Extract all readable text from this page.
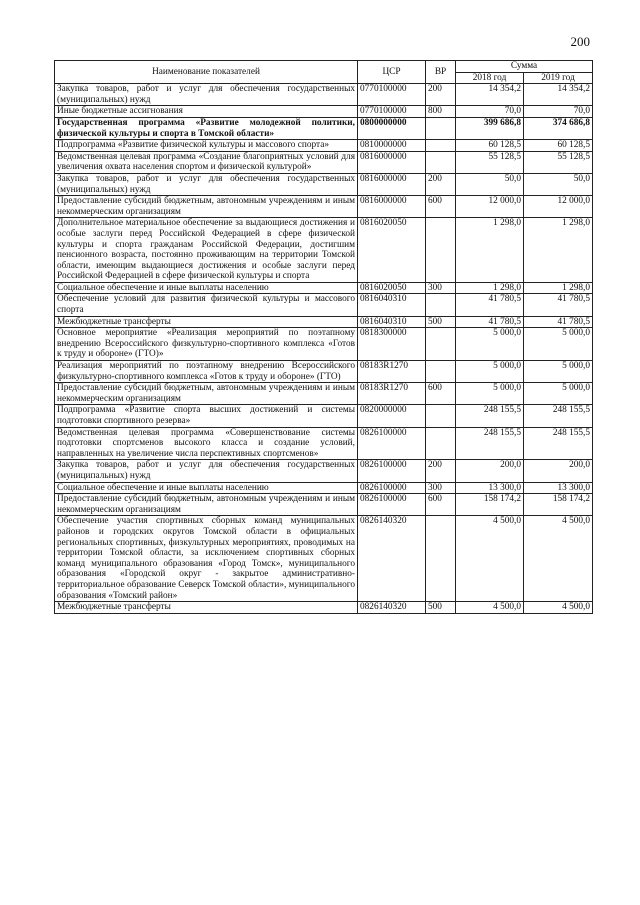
200
Наименование показателей	ЦСР	ВР	Сумма	
			2018 год	2019 год
Закупка товаров, работ и услуг для обеспечения государственных (муниципальных) нужд	0770100000	200	14 354,2	14 354,2
Иные бюджетные ассигнования	0770100000	800	70,0	70,0
Государственная программа «Развитие молодежной политики, физической культуры и спорта в Томской области»	0800000000		399 686,8	374 686,8
Подпрограмма «Развитие физической культуры и массового спорта»	0810000000		60 128,5	60 128,5
Ведомственная целевая программа «Создание благоприятных условий для увеличения охвата населения спортом и физической культурой»	0816000000		55 128,5	55 128,5
Закупка товаров, работ и услуг для обеспечения государственных (муниципальных) нужд	0816000000	200	50,0	50,0
Предоставление субсидий бюджетным, автономным учреждениям и иным некоммерческим организациям	0816000000	600	12 000,0	12 000,0
Дополнительное материальное обеспечение за выдающиеся достижения и особые заслуги перед Российской Федерацией в сфере физической культуры и спорта гражданам Российской Федерации, достигшим пенсионного возраста, постоянно проживающим на территории Томской области, имеющим выдающиеся достижения и особые заслуги перед Российской Федерацией в сфере физической культуры и спорта	0816020050		1 298,0	1 298,0
Социальное обеспечение и иные выплаты населению	0816020050	300	1 298,0	1 298,0
Обеспечение условий для развития физической культуры и массового спорта	0816040310		41 780,5	41 780,5
Межбюджетные трансферты	0816040310	500	41 780,5	41 780,5
Основное мероприятие «Реализация мероприятий по поэтапному внедрению Всероссийского физкультурно-спортивного комплекса «Готов к труду и обороне» (ГТО)»	0818300000		5 000,0	5 000,0
Реализация мероприятий по поэтапному внедрению Всероссийского физкультурно-спортивного комплекса «Готов к труду и обороне» (ГТО)	08183R1270		5 000,0	5 000,0
Предоставление субсидий бюджетным, автономным учреждениям и иным некоммерческим организациям	08183R1270	600	5 000,0	5 000,0
Подпрограмма «Развитие спорта высших достижений и системы подготовки спортивного резерва»	0820000000		248 155,5	248 155,5
Ведомственная целевая программа «Совершенствование системы подготовки спортсменов высокого класса и создание условий, направленных на увеличение числа перспективных спортсменов»	0826100000		248 155,5	248 155,5
Закупка товаров, работ и услуг для обеспечения государственных (муниципальных) нужд	0826100000	200	200,0	200,0
Социальное обеспечение и иные выплаты населению	0826100000	300	13 300,0	13 300,0
Предоставление субсидий бюджетным, автономным учреждениям и иным некоммерческим организациям	0826100000	600	158 174,2	158 174,2
Обеспечение участия спортивных сборных команд муниципальных районов и городских округов Томской области в официальных региональных спортивных, физкультурных мероприятиях, проводимых на территории Томской области, за исключением спортивных сборных команд муниципального образования «Город Томск», муниципального образования «Городской округ - закрытое административно-территориальное образование Северск Томской области», муниципального образования «Томский район»	0826140320		4 500,0	4 500,0
Межбюджетные трансферты	0826140320	500	4 500,0	4 500,0
